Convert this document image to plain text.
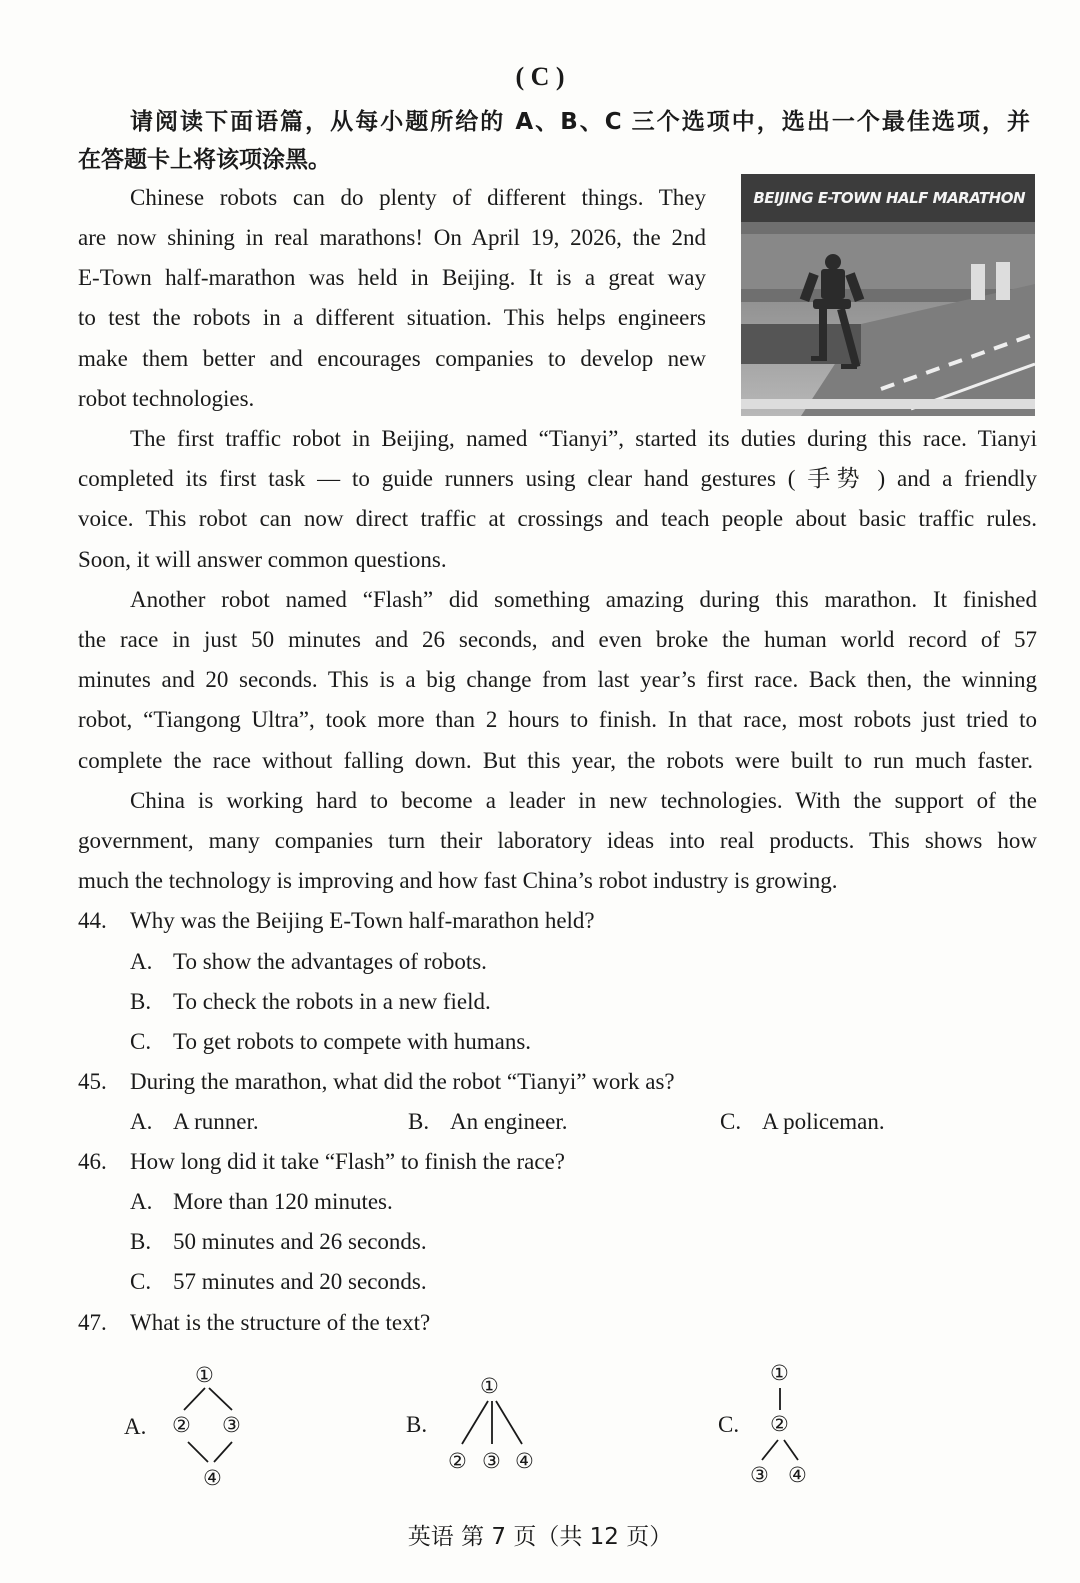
( C )
请阅读下面语篇，从每小题所给的 A、B、C 三个选项中，选出一个最佳选项，并
在答题卡上将该项涂黑。
BEIJING E-TOWN HALF MARATHON
Chinese robots can do plenty of different things. They
are now shining in real marathons! On April 19, 2026, the 2nd
E-Town half-marathon was held in Beijing. It is a great way
to test the robots in a different situation. This helps engineers
make them better and encourages companies to develop new
robot technologies.
The first traffic robot in Beijing, named “Tianyi”, started its duties during this race. Tianyi
completed its first task — to guide runners using clear hand gestures ( 手势 ) and a friendly
voice. This robot can now direct traffic at crossings and teach people about basic traffic rules.
Soon, it will answer common questions.
Another robot named “Flash” did something amazing during this marathon. It finished
the race in just 50 minutes and 26 seconds, and even broke the human world record of 57
minutes and 20 seconds. This is a big change from last year’s first race. Back then, the winning
robot, “Tiangong Ultra”, took more than 2 hours to finish. In that race, most robots just tried to
complete the race without falling down. But this year, the robots were built to run much faster.
China is working hard to become a leader in new technologies. With the support of the
government, many companies turn their laboratory ideas into real products. This shows how
much the technology is improving and how fast China’s robot industry is growing.
44. Why was the Beijing E-Town half-marathon held?
A. To show the advantages of robots.
B. To check the robots in a new field.
C. To get robots to compete with humans.
45. During the marathon, what did the robot “Tianyi” work as?
A. A runner.	B. An engineer.	C. A policeman.
46. How long did it take “Flash” to finish the race?
A. More than 120 minutes.
B. 50 minutes and 26 seconds.
C. 57 minutes and 20 seconds.
47. What is the structure of the text?
A.
①
② ③
④
B.
①
② ③ ④
C.
①
②
③ ④
英语 第 7 页（共 12 页）
